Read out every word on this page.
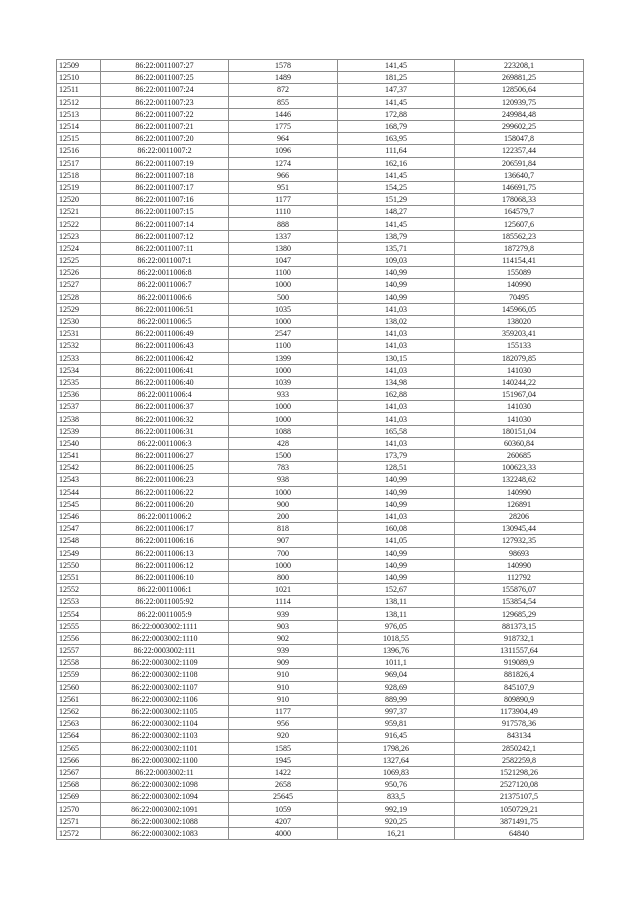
12509	86:22:0011007:27	1578	141,45	223208,1
12510	86:22:0011007:25	1489	181,25	269881,25
12511	86:22:0011007:24	872	147,37	128506,64
12512	86:22:0011007:23	855	141,45	120939,75
12513	86:22:0011007:22	1446	172,88	249984,48
12514	86:22:0011007:21	1775	168,79	299602,25
12515	86:22:0011007:20	964	163,95	158047,8
12516	86:22:0011007:2	1096	111,64	122357,44
12517	86:22:0011007:19	1274	162,16	206591,84
12518	86:22:0011007:18	966	141,45	136640,7
12519	86:22:0011007:17	951	154,25	146691,75
12520	86:22:0011007:16	1177	151,29	178068,33
12521	86:22:0011007:15	1110	148,27	164579,7
12522	86:22:0011007:14	888	141,45	125607,6
12523	86:22:0011007:12	1337	138,79	185562,23
12524	86:22:0011007:11	1380	135,71	187279,8
12525	86:22:0011007:1	1047	109,03	114154,41
12526	86:22:0011006:8	1100	140,99	155089
12527	86:22:0011006:7	1000	140,99	140990
12528	86:22:0011006:6	500	140,99	70495
12529	86:22:0011006:51	1035	141,03	145966,05
12530	86:22:0011006:5	1000	138,02	138020
12531	86:22:0011006:49	2547	141,03	359203,41
12532	86:22:0011006:43	1100	141,03	155133
12533	86:22:0011006:42	1399	130,15	182079,85
12534	86:22:0011006:41	1000	141,03	141030
12535	86:22:0011006:40	1039	134,98	140244,22
12536	86:22:0011006:4	933	162,88	151967,04
12537	86:22:0011006:37	1000	141,03	141030
12538	86:22:0011006:32	1000	141,03	141030
12539	86:22:0011006:31	1088	165,58	180151,04
12540	86:22:0011006:3	428	141,03	60360,84
12541	86:22:0011006:27	1500	173,79	260685
12542	86:22:0011006:25	783	128,51	100623,33
12543	86:22:0011006:23	938	140,99	132248,62
12544	86:22:0011006:22	1000	140,99	140990
12545	86:22:0011006:20	900	140,99	126891
12546	86:22:0011006:2	200	141,03	28206
12547	86:22:0011006:17	818	160,08	130945,44
12548	86:22:0011006:16	907	141,05	127932,35
12549	86:22:0011006:13	700	140,99	98693
12550	86:22:0011006:12	1000	140,99	140990
12551	86:22:0011006:10	800	140,99	112792
12552	86:22:0011006:1	1021	152,67	155876,07
12553	86:22:0011005:92	1114	138,11	153854,54
12554	86:22:0011005:9	939	138,11	129685,29
12555	86:22:0003002:1111	903	976,05	881373,15
12556	86:22:0003002:1110	902	1018,55	918732,1
12557	86:22:0003002:111	939	1396,76	1311557,64
12558	86:22:0003002:1109	909	1011,1	919089,9
12559	86:22:0003002:1108	910	969,04	881826,4
12560	86:22:0003002:1107	910	928,69	845107,9
12561	86:22:0003002:1106	910	889,99	809890,9
12562	86:22:0003002:1105	1177	997,37	1173904,49
12563	86:22:0003002:1104	956	959,81	917578,36
12564	86:22:0003002:1103	920	916,45	843134
12565	86:22:0003002:1101	1585	1798,26	2850242,1
12566	86:22:0003002:1100	1945	1327,64	2582259,8
12567	86:22:0003002:11	1422	1069,83	1521298,26
12568	86:22:0003002:1098	2658	950,76	2527120,08
12569	86:22:0003002:1094	25645	833,5	21375107,5
12570	86:22:0003002:1091	1059	992,19	1050729,21
12571	86:22:0003002:1088	4207	920,25	3871491,75
12572	86:22:0003002:1083	4000	16,21	64840
